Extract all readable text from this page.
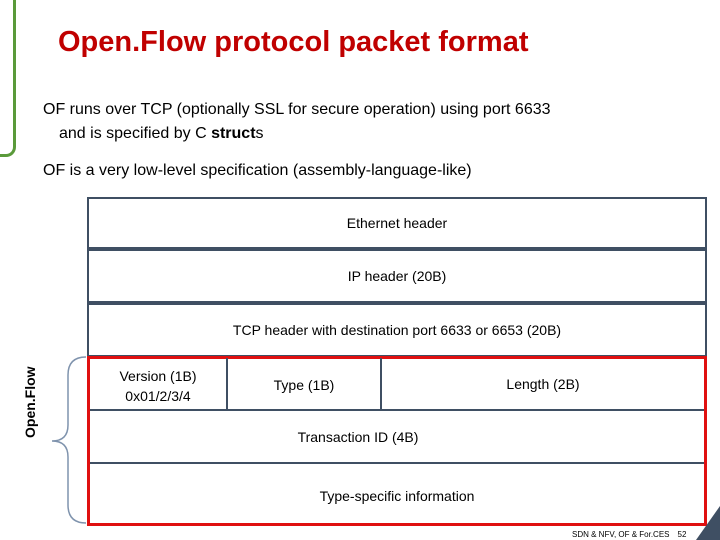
Open.Flow protocol packet format
OF runs over TCP (optionally SSL for secure operation) using port 6633
and is specified by C structs
OF is a very low-level specification (assembly-language-like)
Ethernet header
IP header (20B)
TCP header with destination port 6633 or 6653 (20B)
Version (1B)
0x01/2/3/4
Type (1B)	Length (2B)
Transaction ID (4B)
Type-specific information
Open.Flow
SDN & NFV, OF & For.CES 52
